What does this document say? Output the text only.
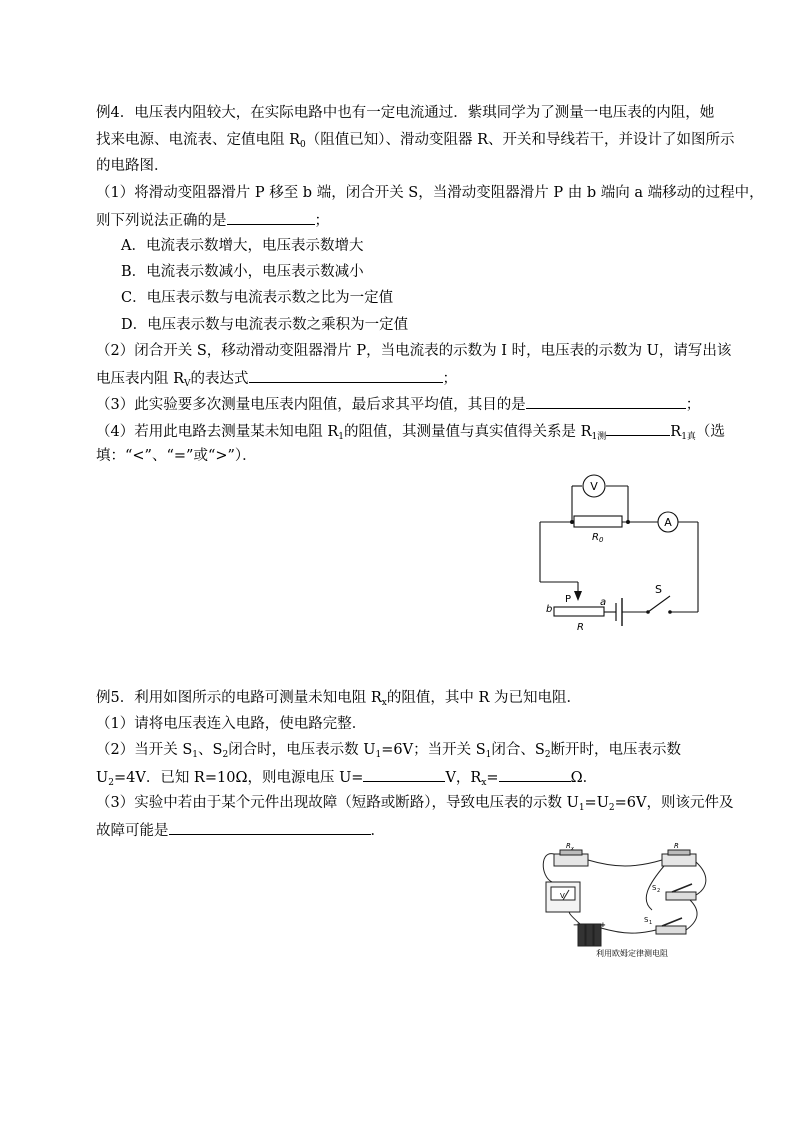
例4．电压表内阻较大，在实际电路中也有一定电流通过．紫琪同学为了测量一电压表的内阻，她
找来电源、电流表、定值电阻 $R_0$（阻值已知）、滑动变阻器 R、开关和导线若干，并设计了如图所示
的电路图．
（1）将滑动变阻器滑片 P 移至 b 端，闭合开关 S，当滑动变阻器滑片 P 由 b 端向 a 端移动的过程中，
则下列说法正确的是	；
A．电流表示数增大，电压表示数增大
B．电流表示数减小，电压表示数减小
C．电压表示数与电流表示数之比为一定值
D．电压表示数与电流表示数之乘积为一定值
（2）闭合开关 S，移动滑动变阻器滑片 P，当电流表的示数为 I 时，电压表的示数为 U，请写出该
电压表内阻 $R_V$的表达式	；
（3）此实验要多次测量电压表内阻值，最后求其平均值，其目的是	；
（4）若用此电路去测量某未知电阻 $R_1$的阻值，其测量值与真实值得关系是 $R_{1测}$	$R_{1真}$（选
填：“<”、“=”或“>”）．
V
A
R 0
P
b
a
R
S
例5．利用如图所示的电路可测量未知电阻 $R_x$的阻值，其中 R 为已知电阻．
（1）请将电压表连入电路，使电路完整．
（2）当开关 $S_1$、$S_2$闭合时，电压表示数 $U_1=6V$；当开关 $S_1$闭合、$S_2$断开时，电压表示数
$U_2=4V$．已知 R=10Ω，则电源电压 U=	V，$R_x=$	Ω．
（3）实验中若由于某个元件出现故障（短路或断路），导致电压表的示数 $U_1=U_2=6V$，则该元件及
故障可能是	．
+
−
R x	R
S 2
S 1
V
利用欧姆定律测电阻
